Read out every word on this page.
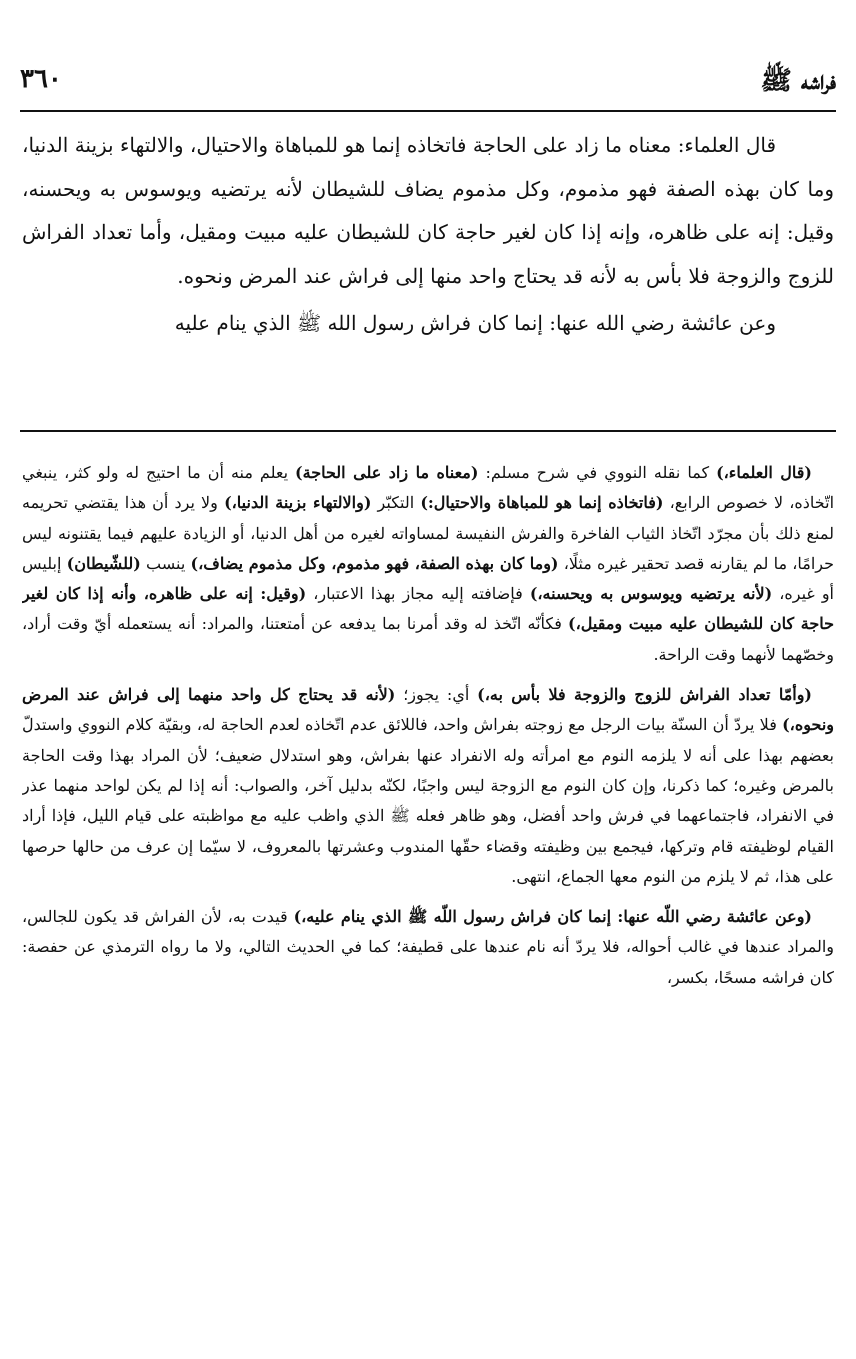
فراشه ﷺ
٣٦٠

قال العلماء: معناه ما زاد على الحاجة فاتخاذه إنما هو للمباهاة والاحتيال، والالتهاء بزينة الدنيا، وما كان بهذه الصفة فهو مذموم، وكل مذموم يضاف للشيطان لأنه يرتضيه ويوسوس به ويحسنه، وقيل: إنه على ظاهره، وإنه إذا كان لغير حاجة كان للشيطان عليه مبيت ومقيل، وأما تعداد الفراش للزوج والزوجة فلا بأس به لأنه قد يحتاج واحد منها إلى فراش عند المرض ونحوه.

وعن عائشة رضي الله عنها: إنما كان فراش رسول الله ﷺ الذي ينام عليه

(قال العلماء،) كما نقله النووي في شرح مسلم: (معناه ما زاد على الحاجة) يعلم منه أن ما احتيج له ولو كثر، ينبغي اتّخاذه، لا خصوص الرابع، (فاتخاذه إنما هو للمباهاة والاحتيال:) التكبّر (والالتهاء بزينة الدنيا،) ولا يرد أن هذا يقتضي تحريمه لمنع ذلك بأن مجرّد اتّخاذ الثياب الفاخرة والفرش النفيسة لمساواته لغيره من أهل الدنيا، أو الزيادة عليهم فيما يقتنونه ليس حرامًا، ما لم يقارنه قصد تحقير غيره مثلًا، (وما كان بهذه الصفة، فهو مذموم، وكل مذموم يضاف،) ينسب (للشّيطان) إبليس أو غيره، (لأنه يرتضيه ويوسوس به ويحسنه،) فإضافته إليه مجاز بهذا الاعتبار، (وقيل: إنه على ظاهره، وأنه إذا كان لغير حاجة كان للشيطان عليه مبيت ومقيل،) فكأنّه اتّخذ له وقد أمرنا بما يدفعه عن أمتعتنا، والمراد: أنه يستعمله أيّ وقت أراد، وخصّهما لأنهما وقت الراحة.

(وأمّا تعداد الفراش للزوج والزوجة فلا بأس به،) أي: يجوز؛ (لأنه قد يحتاج كل واحد منهما إلى فراش عند المرض ونحوه،) فلا يردّ أن السنّة بيات الرجل مع زوجته بفراش واحد، فاللائق عدم اتّخاذه لعدم الحاجة له، وبقيّة كلام النووي واستدلّ بعضهم بهذا على أنه لا يلزمه النوم مع امرأته وله الانفراد عنها بفراش، وهو استدلال ضعيف؛ لأن المراد بهذا وقت الحاجة بالمرض وغيره؛ كما ذكرنا، وإن كان النوم مع الزوجة ليس واجبًا، لكنّه بدليل آخر، والصواب: أنه إذا لم يكن لواحد منهما عذر في الانفراد، فاجتماعهما في فرش واحد أفضل، وهو ظاهر فعله ﷺ الذي واظب عليه مع مواظبته على قيام الليل، فإذا أراد القيام لوظيفته قام وتركها، فيجمع بين وظيفته وقضاء حقّها المندوب وعشرتها بالمعروف، لا سيّما إن عرف من حالها حرصها على هذا، ثم لا يلزم من النوم معها الجماع، انتهى.

(وعن عائشة رضي اللّه عنها: إنما كان فراش رسول اللّه ﷺ الذي ينام عليه،) قيدت به، لأن الفراش قد يكون للجالس، والمراد عندها في غالب أحواله، فلا يردّ أنه نام عندها على قطيفة؛ كما في الحديث التالي، ولا ما رواه الترمذي عن حفصة: كان فراشه مسحًا، بكسر،
